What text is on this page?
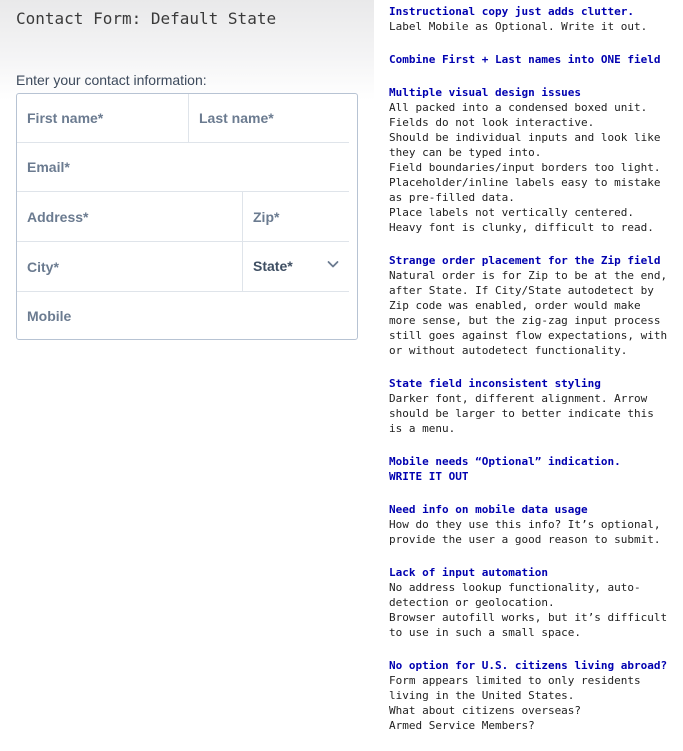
Contact Form: Default State
Enter your contact information:
First name*	Last name*
Email*
Address*	Zip*
City*	State*
Mobile
Instructional copy just adds clutter.
Label Mobile as Optional. Write it out.
Combine First + Last names into ONE field
Multiple visual design issues
All packed into a condensed boxed unit.
Fields do not look interactive.
Should be individual inputs and look like
they can be typed into.
Field boundaries/input borders too light.
Placeholder/inline labels easy to mistake
as pre-filled data.
Place labels not vertically centered.
Heavy font is clunky, difficult to read.
Strange order placement for the Zip field
Natural order is for Zip to be at the end,
after State. If City/State autodetect by
Zip code was enabled, order would make
more sense, but the zig-zag input process
still goes against flow expectations, with
or without autodetect functionality.
State field inconsistent styling
Darker font, different alignment. Arrow
should be larger to better indicate this
is a menu.
Mobile needs “Optional” indication.
WRITE IT OUT
Need info on mobile data usage
How do they use this info? It’s optional,
provide the user a good reason to submit.
Lack of input automation
No address lookup functionality, auto-
detection or geolocation.
Browser autofill works, but it’s difficult
to use in such a small space.
No option for U.S. citizens living abroad?
Form appears limited to only residents
living in the United States.
What about citizens overseas?
Armed Service Members?
